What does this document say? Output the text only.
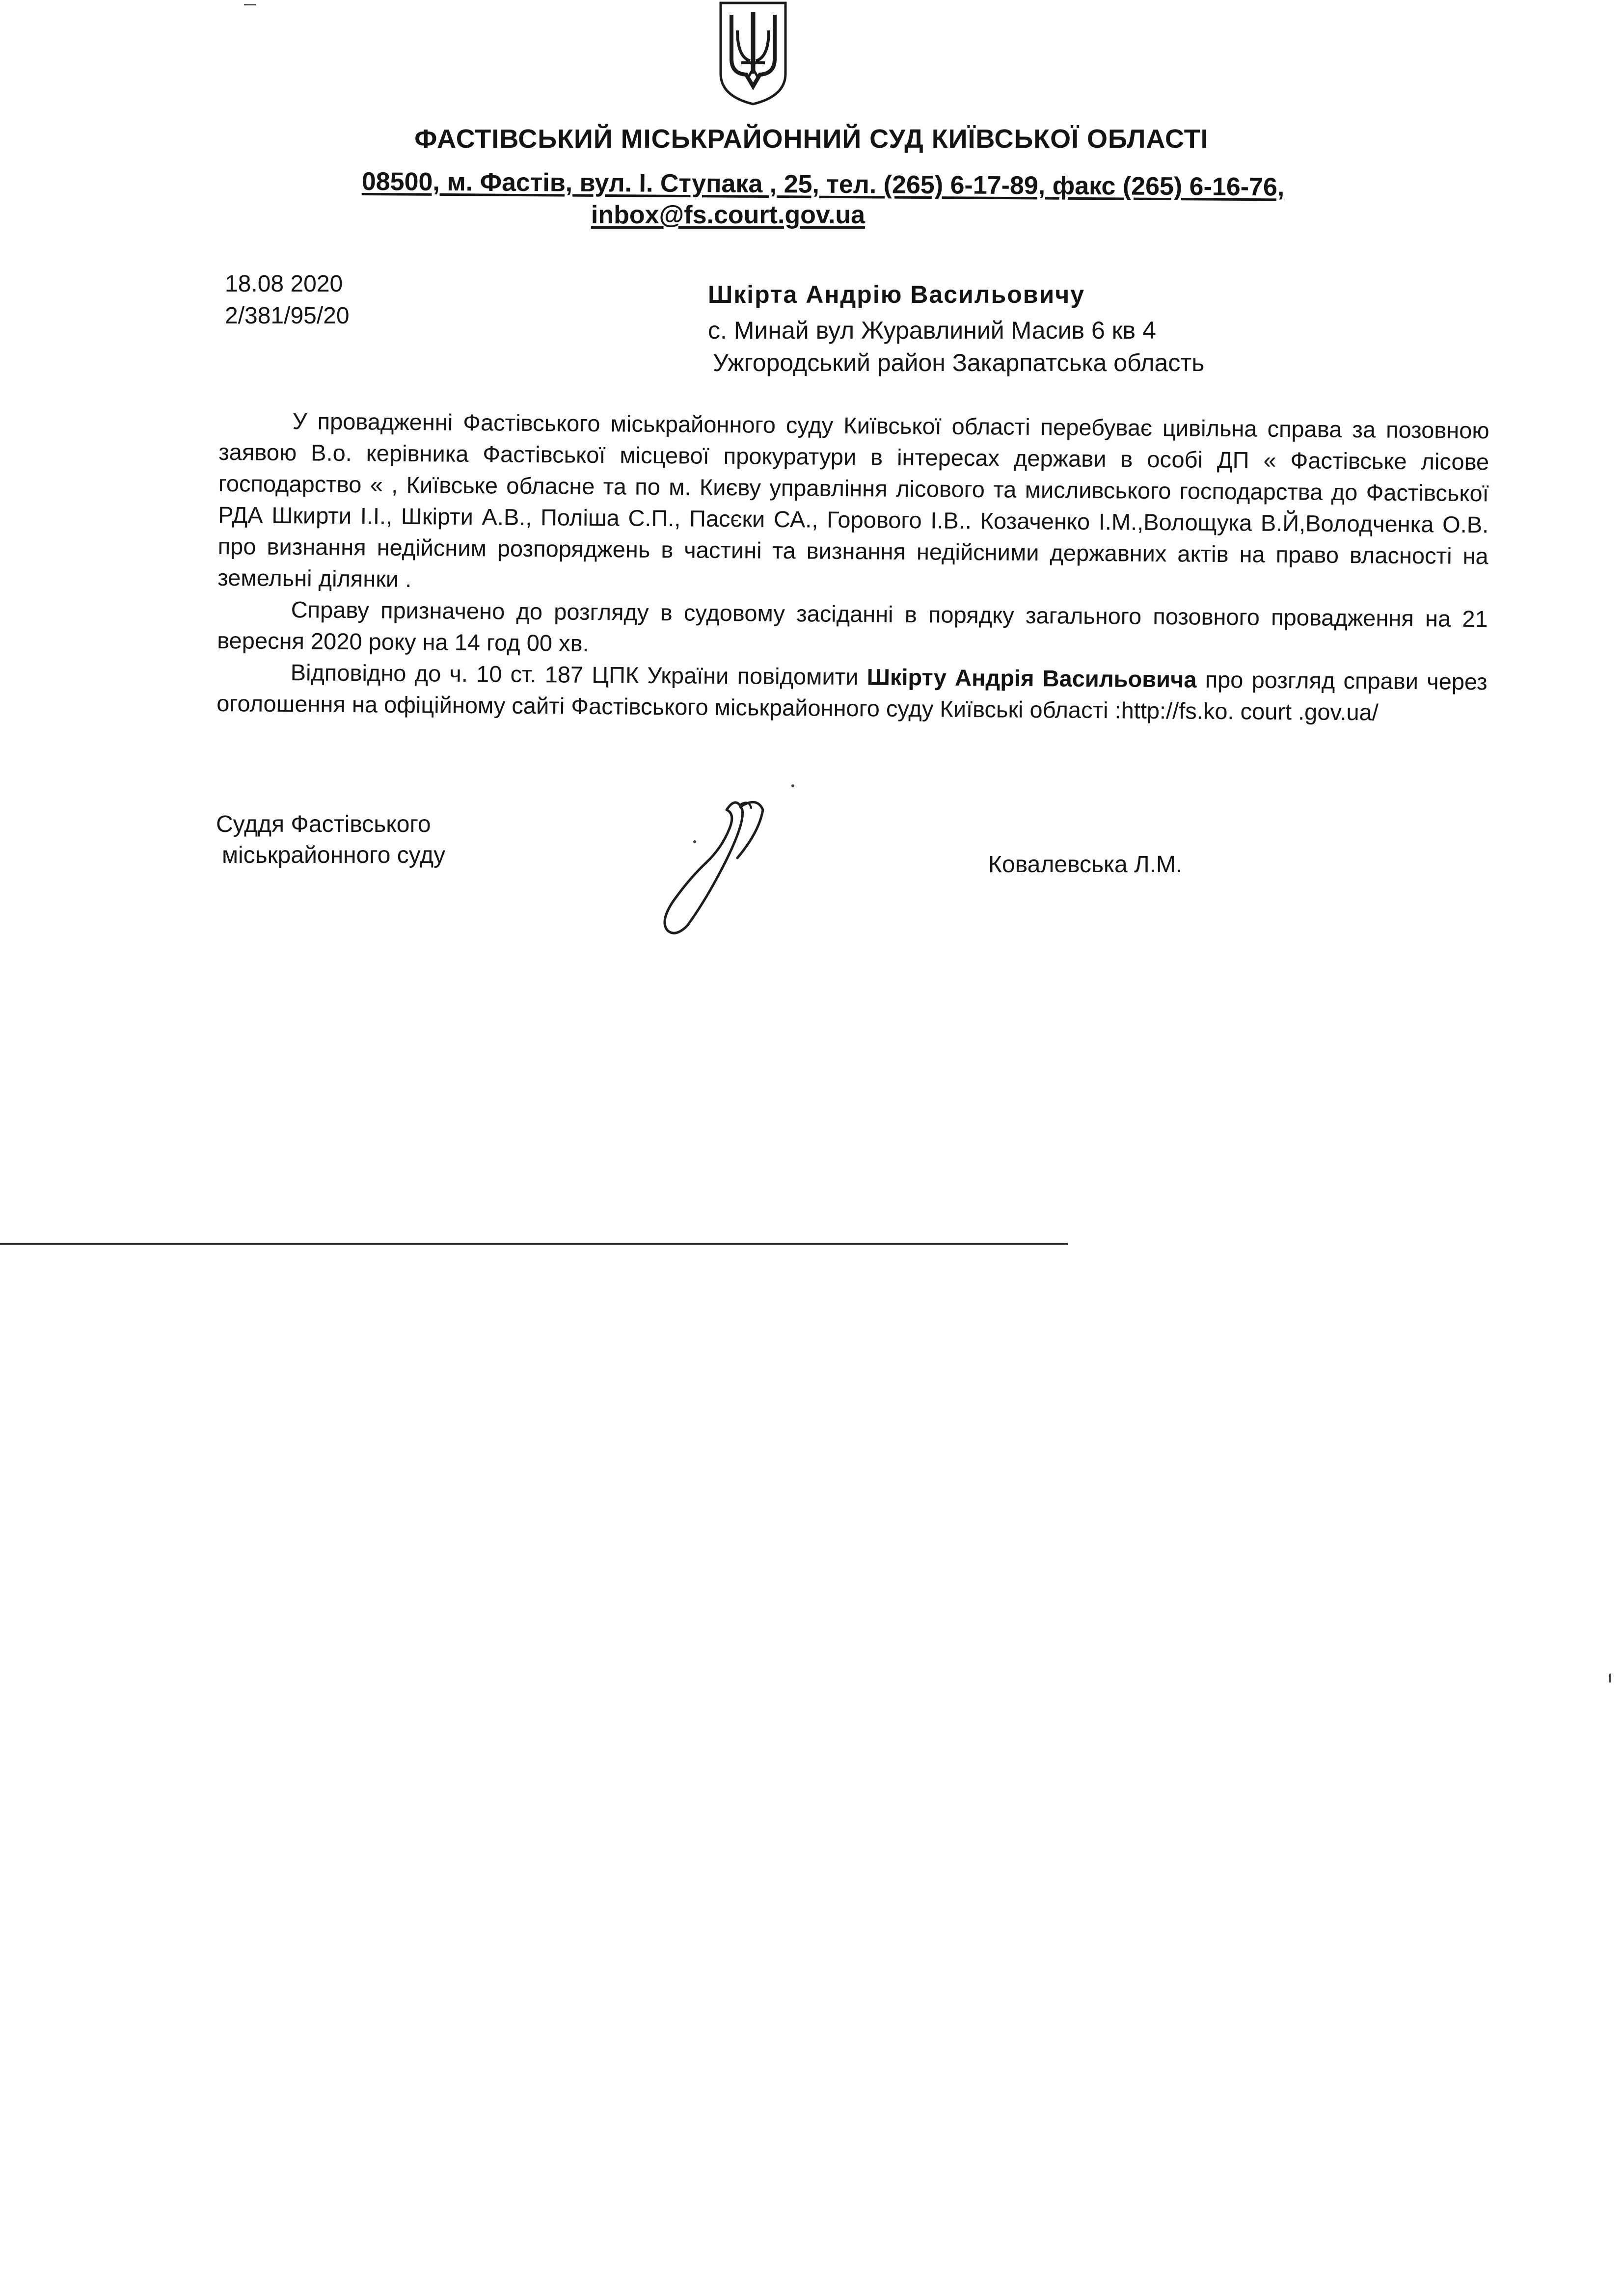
ФАСТІВСЬКИЙ МІСЬКРАЙОННИЙ СУД КИЇВСЬКОЇ ОБЛАСТІ
08500, м. Фастів, вул. І. Ступака , 25, тел. (265) 6-17-89, факс (265) 6-16-76,
inbox@fs.court.gov.ua
18.08 2020
2/381/95/20
Шкірта Андрію Васильовичу
с. Минай вул Журавлиний Масив 6 кв 4
Ужгородський район Закарпатська область

У провадженні Фастівського міськрайонного суду Київської області перебуває цивільна справа за позовною заявою В.о. керівника Фастівської місцевої прокуратури в інтересах держави в особі ДП « Фастівське лісове господарство « , Київське обласне та по м. Києву управління лісового та мисливського господарства до Фастівської РДА Шкирти І.І., Шкірти А.В., Поліша С.П., Пасєки СА., Горового І.В.. Козаченко І.М.,Волощука В.Й,Володченка О.В. про визнання недійсним розпоряджень в частині та визнання недійсними державних актів на право власності на земельні ділянки .

Справу призначено до розгляду в судовому засіданні в порядку загального позовного провадження на 21 вересня 2020 року на 14 год 00 хв.

Відповідно до ч. 10 ст. 187 ЦПК України повідомити Шкірту Андрія Васильовича про розгляд справи через оголошення на офіційному сайті Фастівського міськрайонного суду Київські області :http://fs.ko. court .gov.ua/

Суддя Фастівського
міськрайонного суду	Ковалевська Л.М.
